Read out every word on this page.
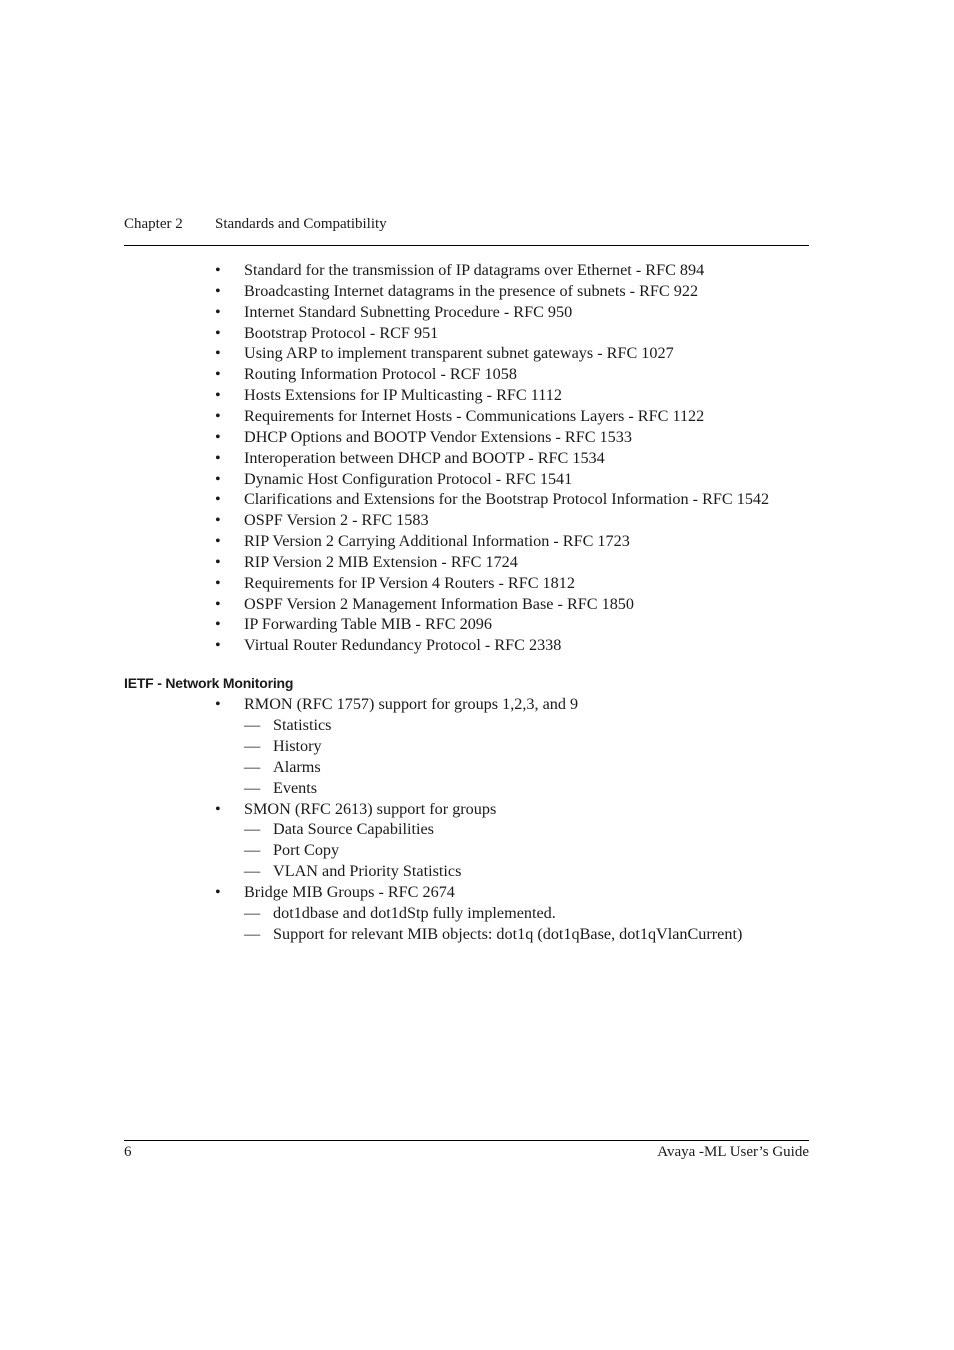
Chapter 2 Standards and Compatibility
• Standard for the transmission of IP datagrams over Ethernet - RFC 894
• Broadcasting Internet datagrams in the presence of subnets - RFC 922
• Internet Standard Subnetting Procedure - RFC 950
• Bootstrap Protocol - RCF 951
• Using ARP to implement transparent subnet gateways - RFC 1027
• Routing Information Protocol - RCF 1058
• Hosts Extensions for IP Multicasting - RFC 1112
• Requirements for Internet Hosts - Communications Layers - RFC 1122
• DHCP Options and BOOTP Vendor Extensions - RFC 1533
• Interoperation between DHCP and BOOTP - RFC 1534
• Dynamic Host Configuration Protocol - RFC 1541
• Clarifications and Extensions for the Bootstrap Protocol Information - RFC 1542
• OSPF Version 2 - RFC 1583
• RIP Version 2 Carrying Additional Information - RFC 1723
• RIP Version 2 MIB Extension - RFC 1724
• Requirements for IP Version 4 Routers - RFC 1812
• OSPF Version 2 Management Information Base - RFC 1850
• IP Forwarding Table MIB - RFC 2096
• Virtual Router Redundancy Protocol - RFC 2338
IETF - Network Monitoring
• RMON (RFC 1757) support for groups 1,2,3, and 9
— Statistics
— History
— Alarms
— Events
• SMON (RFC 2613) support for groups
— Data Source Capabilities
— Port Copy
— VLAN and Priority Statistics
• Bridge MIB Groups - RFC 2674
— dot1dbase and dot1dStp fully implemented.
— Support for relevant MIB objects: dot1q (dot1qBase, dot1qVlanCurrent)
6	Avaya -ML User’s Guide
